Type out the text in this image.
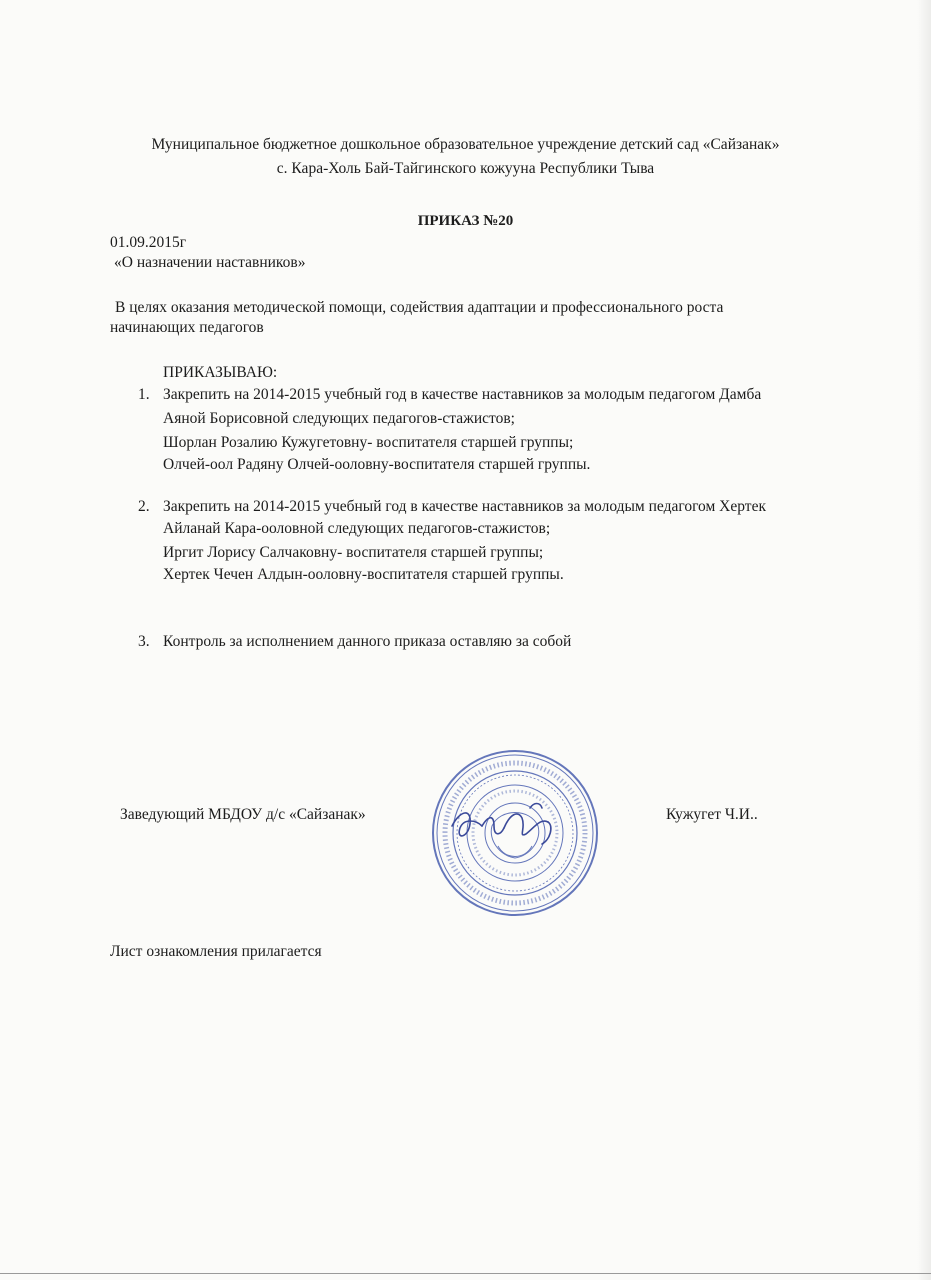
Муниципальное бюджетное дошкольное образовательное учреждение детский сад «Сайзанак»
с. Кара-Холь Бай-Тайгинского кожууна Республики Тыва
ПРИКАЗ №20
01.09.2015г
«О назначении наставников»
В целях оказания методической помощи, содействия адаптации и профессионального роста
начинающих педагогов
ПРИКАЗЫВАЮ:
1. Закрепить на 2014-2015 учебный год в качестве наставников за молодым педагогом Дамба
Аяной Борисовной следующих педагогов-стажистов;
Шорлан Розалию Кужугетовну- воспитателя старшей группы;
Олчей-оол Радяну Олчей-ооловну-воспитателя старшей группы.
2. Закрепить на 2014-2015 учебный год в качестве наставников за молодым педагогом Хертек
Айланай Кара-ооловной следующих педагогов-стажистов;
Иргит Лорису Салчаковну- воспитателя старшей группы;
Хертек Чечен Алдын-ооловну-воспитателя старшей группы.
3. Контроль за исполнением данного приказа оставляю за собой
Заведующий МБДОУ д/с «Сайзанак»	Кужугет Ч.И..
Лист ознакомления прилагается
